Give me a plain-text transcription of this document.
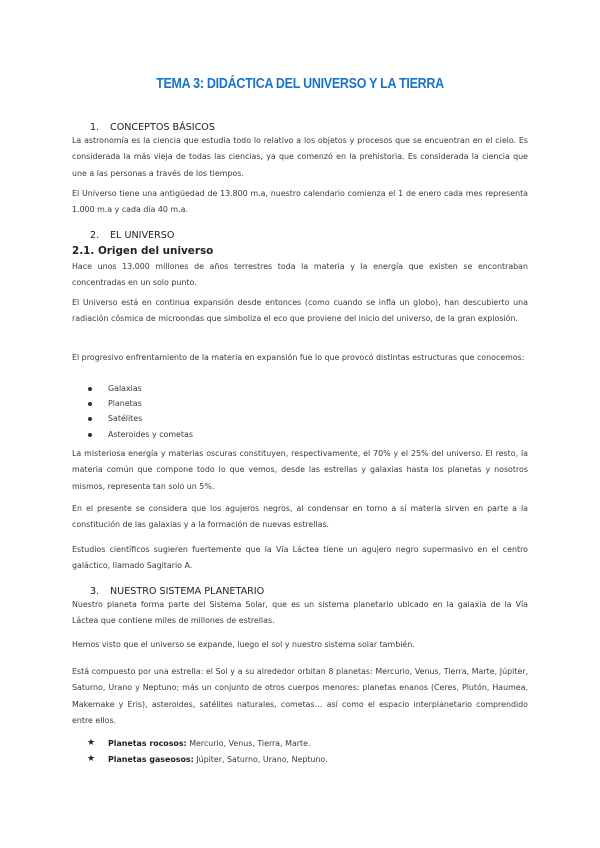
TEMA 3: DIDÁCTICA DEL UNIVERSO Y LA TIERRA
1. CONCEPTOS BÁSICOS
La astronomía es la ciencia que estudia todo lo relativo a los objetos y procesos que se encuentran en el cielo. Es considerada la más vieja de todas las ciencias, ya que comenzó en la prehistoria. Es considerada la ciencia que une a las personas a través de los tiempos.
El Universo tiene una antigüedad de 13.800 m.a, nuestro calendario comienza el 1 de enero cada mes representa 1.000 m.a y cada día 40 m.a.
2. EL UNIVERSO
2.1. Origen del universo
Hace unos 13.000 millones de años terrestres toda la materia y la energía que existen se encontraban concentradas en un solo punto.
El Universo está en continua expansión desde entonces (como cuando se infla un globo), han descubierto una radiación cósmica de microondas que simboliza el eco que proviene del inicio del universo, de la gran explosión.
El progresivo enfrentamiento de la materia en expansión fue lo que provocó distintas estructuras que conocemos:
Galaxias
Planetas
Satélites
Asteroides y cometas
La misteriosa energía y materias oscuras constituyen, respectivamente, el 70% y el 25% del universo. El resto, la materia común que compone todo lo que vemos, desde las estrellas y galaxias hasta los planetas y nosotros mismos, representa tan solo un 5%.
En el presente se considera que los agujeros negros, al condensar en torno a sí materia sirven en parte a la constitución de las galaxias y a la formación de nuevas estrellas.
Estudios científicos sugieren fuertemente que la Vía Láctea tiene un agujero negro supermasivo en el centro galáctico, llamado Sagitario A.
3. NUESTRO SISTEMA PLANETARIO
Nuestro planeta forma parte del Sistema Solar, que es un sistema planetario ubicado en la galaxia de la Vía Láctea que contiene miles de millones de estrellas.
Hemos visto que el universo se expande, luego el sol y nuestro sistema solar también.
Está compuesto por una estrella: el Sol y a su alrededor orbitan 8 planetas: Mercurio, Venus, Tierra, Marte, Júpiter, Saturno, Urano y Neptuno; más un conjunto de otros cuerpos menores: planetas enanos (Ceres, Plutón, Haumea, Makemake y Eris), asteroides, satélites naturales, cometas… así como el espacio interplanetario comprendido entre ellos.
★ Planetas rocosos: Mercurio, Venus, Tierra, Marte.
★ Planetas gaseosos: Júpiter, Saturno, Urano, Neptuno.
